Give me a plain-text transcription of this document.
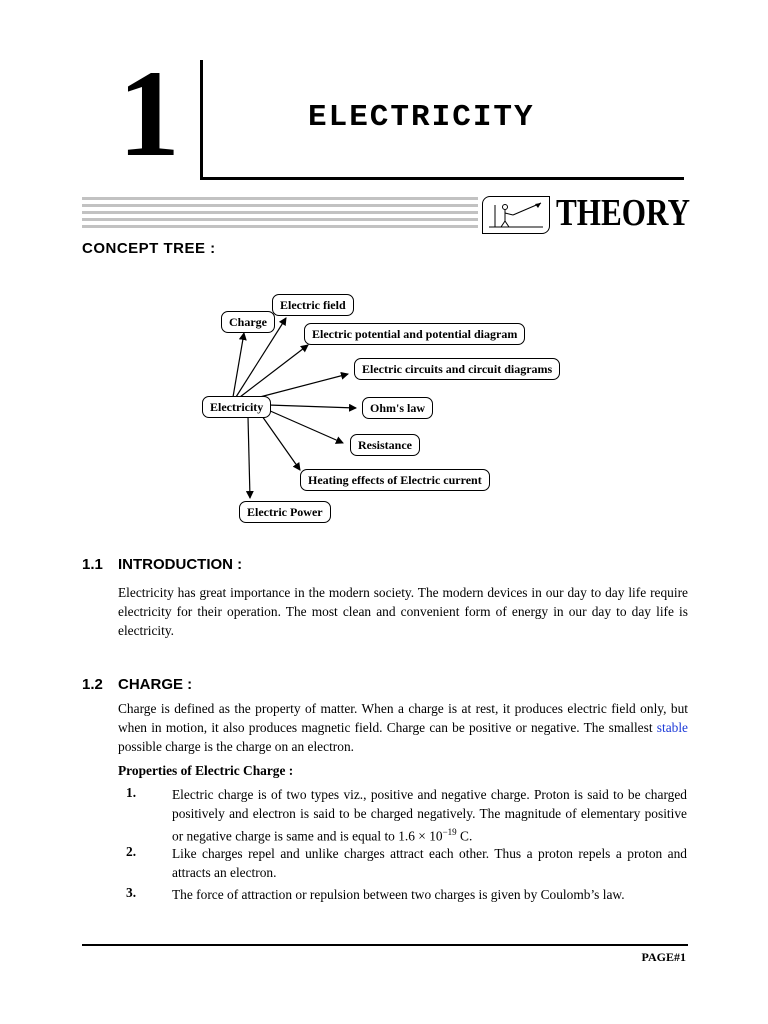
1	ELECTRICITY
THEORY
CONCEPT TREE :
Electricity
Charge
Electric field
Electric potential and potential diagram
Electric circuits and circuit diagrams
Ohm's law
Resistance
Heating effects of Electric current
Electric Power
1.1 INTRODUCTION :
Electricity has great importance in the modern society. The modern devices in our day to day life require electricity for their operation. The most clean and convenient form of energy in our day to day life is electricity.
1.2 CHARGE :
Charge is defined as the property of matter. When a charge is at rest, it produces electric field only, but when in motion, it also produces magnetic field. Charge can be positive or negative. The smallest stable possible charge is the charge on an electron.
Properties of Electric Charge :
1.	Electric charge is of two types viz., positive and negative charge. Proton is said to be charged positively and electron is said to be charged negatively. The magnitude of elementary positive or negative charge is same and is equal to $1.6 \times 10^{-19}$ C.
2.	Like charges repel and unlike charges attract each other. Thus a proton repels a proton and attracts an electron.
3.	The force of attraction or repulsion between two charges is given by Coulomb’s law.
PAGE#1
